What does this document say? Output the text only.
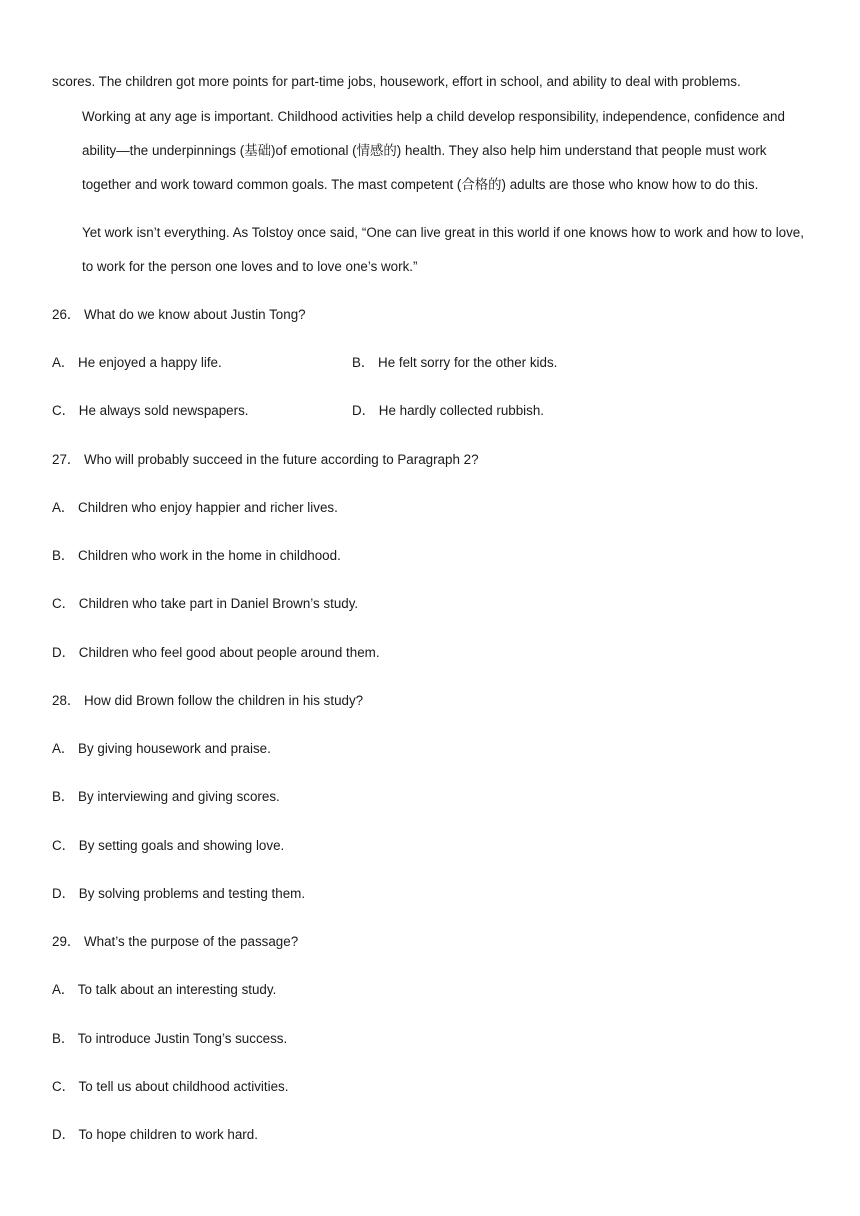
scores. The children got more points for part-time jobs, housework, effort in school, and ability to deal with problems.

Working at any age is important. Childhood activities help a child develop responsibility, independence, confidence and ability—the underpinnings (基础)of emotional (情感的) health. They also help him understand that people must work together and work toward common goals. The mast competent (合格的) adults are those who know how to do this.

Yet work isn’t everything. As Tolstoy once said, “One can live great in this world if one knows how to work and how to love, to work for the person one loves and to love one’s work.”

26． What do we know about Justin Tong?
A． He enjoyed a happy life.	B． He felt sorry for the other kids.
C． He always sold newspapers.	D． He hardly collected rubbish.
27． Who will probably succeed in the future according to Paragraph 2?
A． Children who enjoy happier and richer lives.
B． Children who work in the home in childhood.
C． Children who take part in Daniel Brown’s study.
D． Children who feel good about people around them.
28． How did Brown follow the children in his study?
A． By giving housework and praise.
B． By interviewing and giving scores.
C． By setting goals and showing love.
D． By solving problems and testing them.
29． What’s the purpose of the passage?
A． To talk about an interesting study.
B． To introduce Justin Tong’s success.
C． To tell us about childhood activities.
D． To hope children to work hard.
